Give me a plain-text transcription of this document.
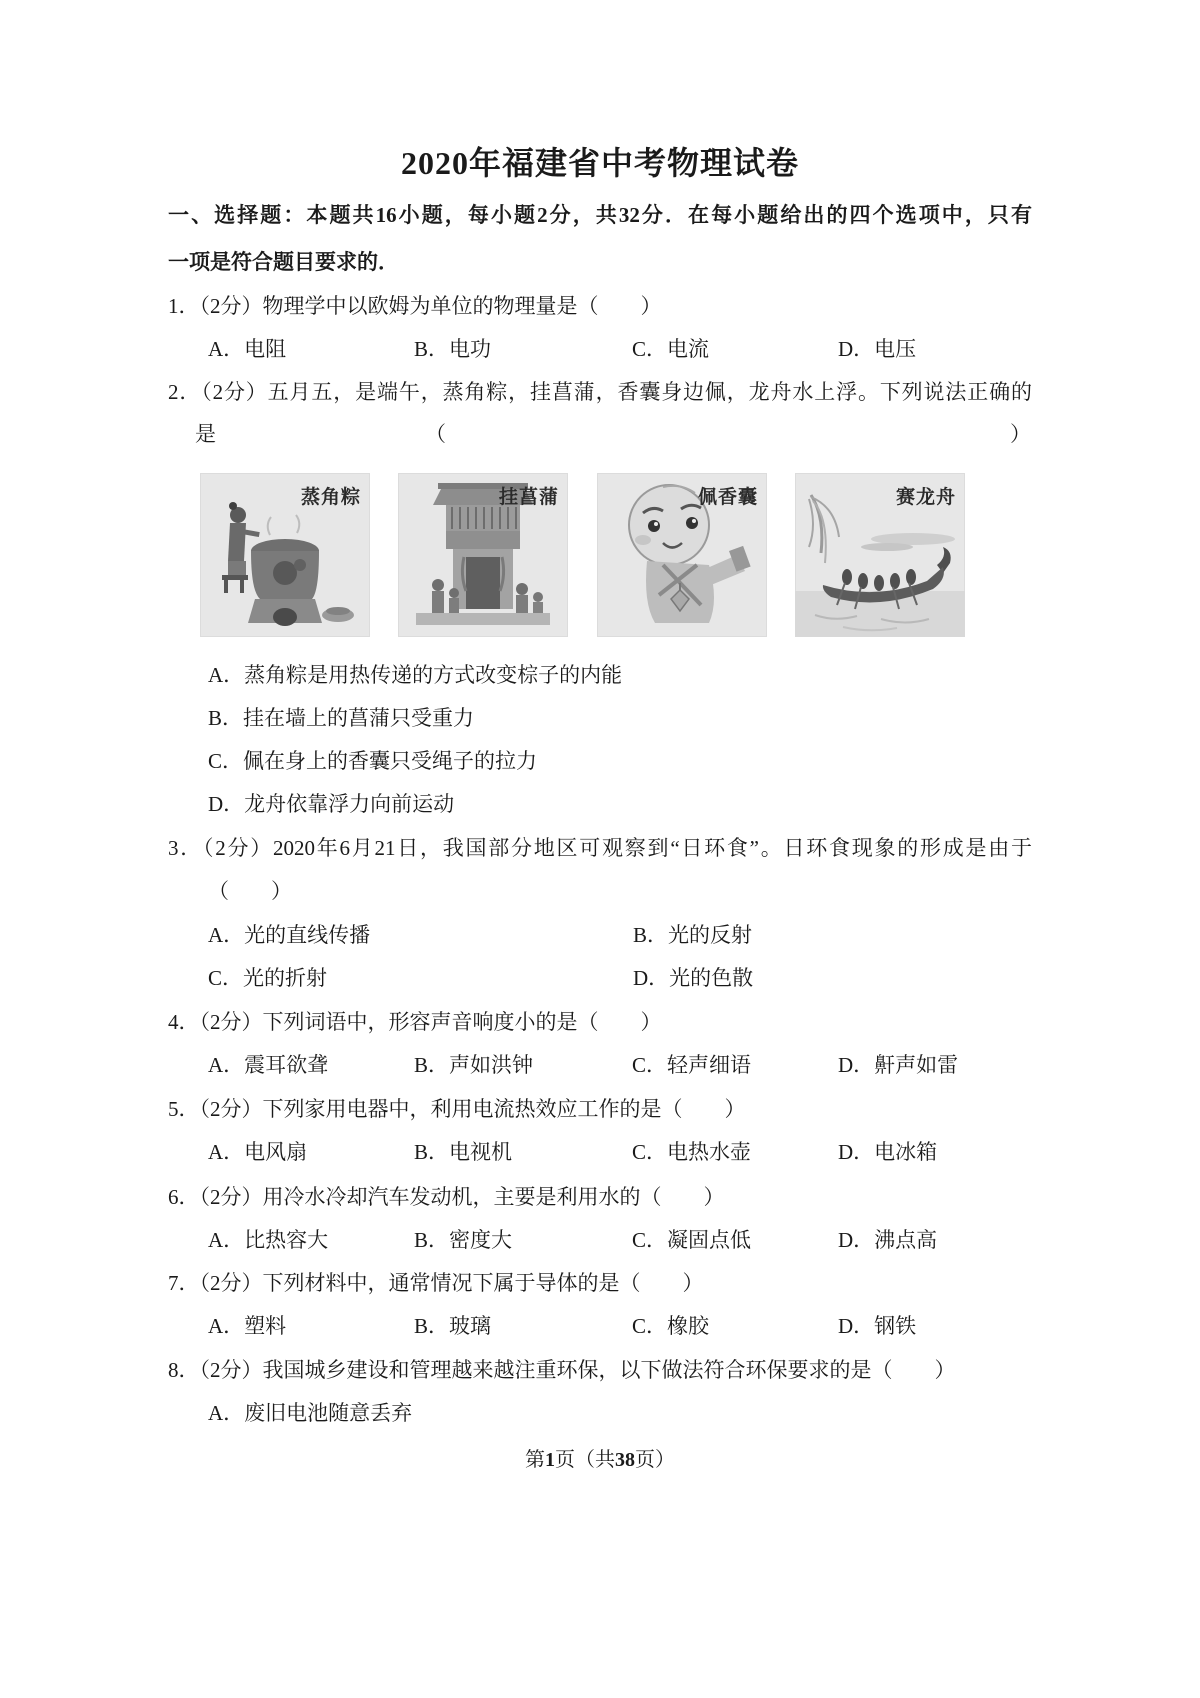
2020年福建省中考物理试卷
一、选择题：本题共16小题，每小题2分，共32分．在每小题给出的四个选项中，只有
一项是符合题目要求的．
1．（2分）物理学中以欧姆为单位的物理量是（　　）
A．电阻	B．电功	C．电流	D．电压
2．（2分）五月五，是端午，蒸角粽，挂菖蒲，香囊身边佩，龙舟水上浮。下列说法正确的
是	（	）
蒸角粽	挂菖蒲	佩香囊	赛龙舟
A．蒸角粽是用热传递的方式改变棕子的内能
B．挂在墙上的菖蒲只受重力
C．佩在身上的香囊只受绳子的拉力
D．龙舟依靠浮力向前运动
3．（2分）2020年6月21日，我国部分地区可观察到“日环食”。日环食现象的形成是由于
（　　）
A．光的直线传播	B．光的反射
C．光的折射	D．光的色散
4．（2分）下列词语中，形容声音响度小的是（　　）
A．震耳欲聋	B．声如洪钟	C．轻声细语	D．鼾声如雷
5．（2分）下列家用电器中，利用电流热效应工作的是（　　）
A．电风扇	B．电视机	C．电热水壶	D．电冰箱
6．（2分）用冷水冷却汽车发动机，主要是利用水的（　　）
A．比热容大	B．密度大	C．凝固点低	D．沸点高
7．（2分）下列材料中，通常情况下属于导体的是（　　）
A．塑料	B．玻璃	C．橡胶	D．钢铁
8．（2分）我国城乡建设和管理越来越注重环保，以下做法符合环保要求的是（　　）
A．废旧电池随意丢弃
第1页（共38页）
